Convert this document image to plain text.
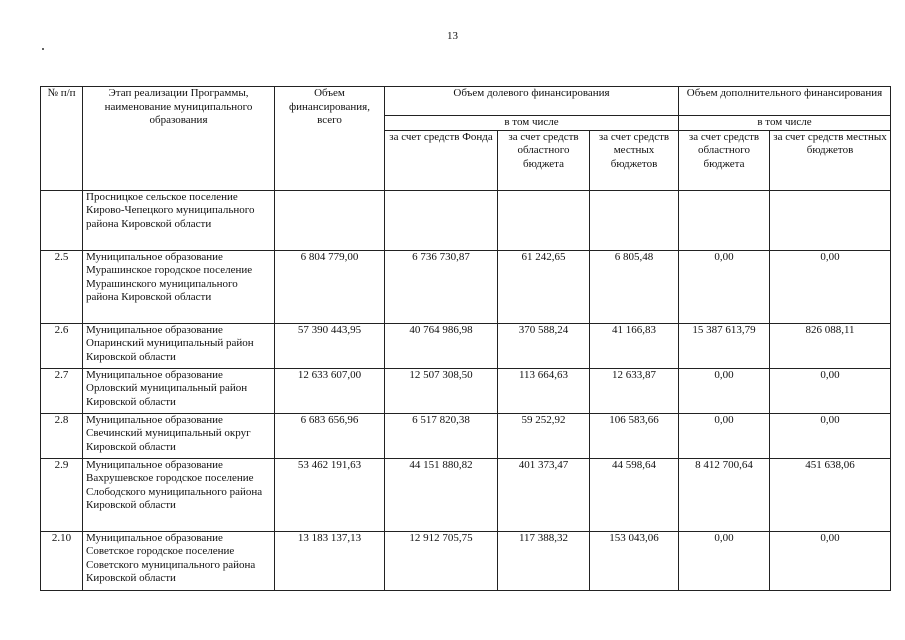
13
№ п/п	Этап реализации Программы, наименование муниципального образования	Объем финансирования, всего	Объем долевого финансирования			Объем дополнительного финансирования	
			в том числе			в том числе	
			за счет средств Фонда	за счет средств областного бюджета	за счет средств местных бюджетов	за счет средств областного бюджета	за счет средств местных бюджетов
	Просницкое сельское поселение Кирово-Чепецкого муниципального района Кировской области						
2.5	Муниципальное образование Мурашинское городское поселение Мурашинского муниципального района Кировской области	6 804 779,00	6 736 730,87	61 242,65	6 805,48	0,00	0,00
2.6	Муниципальное образование Опаринский муниципальный район Кировской области	57 390 443,95	40 764 986,98	370 588,24	41 166,83	15 387 613,79	826 088,11
2.7	Муниципальное образование Орловский муниципальный район Кировской области	12 633 607,00	12 507 308,50	113 664,63	12 633,87	0,00	0,00
2.8	Муниципальное образование Свечинский муниципальный округ Кировской области	6 683 656,96	6 517 820,38	59 252,92	106 583,66	0,00	0,00
2.9	Муниципальное образование Вахрушевское городское поселение Слободского муниципального района Кировской области	53 462 191,63	44 151 880,82	401 373,47	44 598,64	8 412 700,64	451 638,06
2.10	Муниципальное образование Советское городское поселение Советского муниципального района Кировской области	13 183 137,13	12 912 705,75	117 388,32	153 043,06	0,00	0,00
